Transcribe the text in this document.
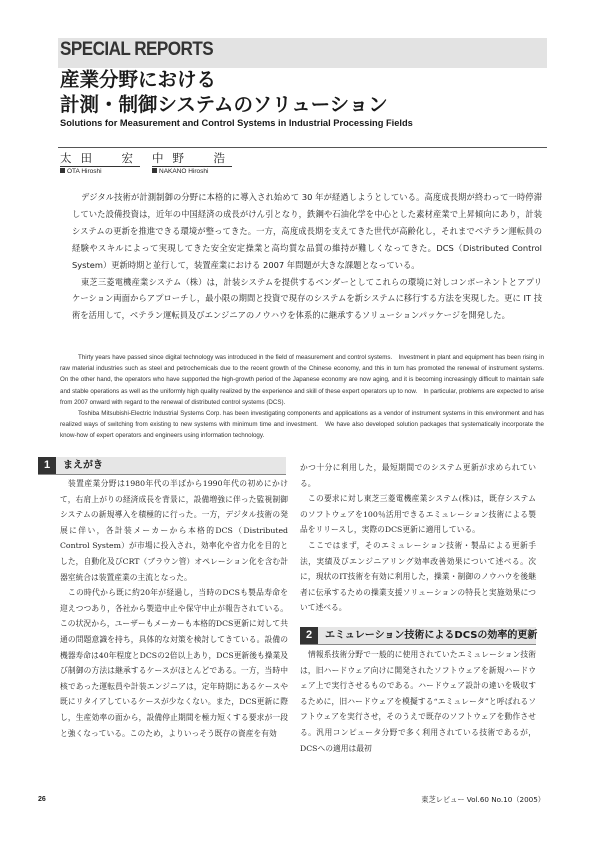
SPECIAL REPORTS
産業分野における
計測・制御システムのソリューション
Solutions for Measurement and Control Systems in Industrial Processing Fields
太田　宏
OTA Hiroshi
中野　浩
NAKANO Hiroshi

デジタル技術が計測制御の分野に本格的に導入され始めて 30 年が経過しようとしている。高度成長期が終わって一時停滞していた設備投資は，近年の中国経済の成長がけん引となり，鉄鋼や石油化学を中心とした素材産業で上昇傾向にあり，計装システムの更新を推進できる環境が整ってきた。一方，高度成長期を支えてきた世代が高齢化し，それまでベテラン運転員の経験やスキルによって実現してきた安全安定操業と高均質な品質の維持が難しくなってきた。DCS（Distributed Control System）更新時期と並行して，装置産業における 2007 年問題が大きな課題となっている。

東芝三菱電機産業システム（株）は，計装システムを提供するベンダーとしてこれらの環境に対しコンポーネントとアプリケーション両面からアプローチし，最小限の期間と投資で現存のシステムを新システムに移行する方法を実現した。更に IT 技術を活用して，ベテラン運転員及びエンジニアのノウハウを体系的に継承するソリューションパッケージを開発した。

Thirty years have passed since digital technology was introduced in the field of measurement and control systems.　Investment in plant and equipment has been rising in raw material industries such as steel and petrochemicals due to the recent growth of the Chinese economy, and this in turn has promoted the renewal of instrument systems.　On the other hand, the operators who have supported the high-growth period of the Japanese economy are now aging, and it is becoming increasingly difficult to maintain safe and stable operations as well as the uniformly high quality realized by the experience and skill of these expert operators up to now.　In particular, problems are expected to arise from 2007 onward with regard to the renewal of distributed control systems (DCS).

Toshiba Mitsubishi-Electric Industrial Systems Corp. has been investigating components and applications as a vendor of instrument systems in this environment and has realized ways of switching from existing to new systems with minimum time and investment.　We have also developed solution packages that systematically incorporate the know-how of expert operators and engineers using information technology.

1	まえがき

装置産業分野は1980年代の半ばから1990年代の初めにかけて，右肩上がりの経済成長を背景に，設備増強に伴った監視制御システムの新規導入を積極的に行った。一方，デジタル技術の発展に伴い，各計装メーカーから本格的DCS（Distributed Control System）が市場に投入され，効率化や省力化を目的とした，自動化及びCRT（ブラウン管）オペレーション化を含む計器室統合は装置産業の主流となった。

この時代から既に約20年が経過し，当時のDCSも製品寿命を迎えつつあり，各社から製造中止や保守中止が報告されている。この状況から，ユーザーもメーカーも本格的DCS更新に対して共通の問題意識を持ち，具体的な対策を検討してきている。設備の機器寿命は40年程度とDCSの2倍以上あり，DCS更新後も操業及び制御の方法は継承するケースがほとんどである。一方，当時中核であった運転員や計装エンジニアは，定年時期にあるケースや既にリタイアしているケースが少なくない。また，DCS更新に際し，生産効率の面から，設備停止期間を極力短くする要求が一段と強くなっている。このため，よりいっそう既存の資産を有効

かつ十分に利用した，最短期間でのシステム更新が求められている。

この要求に対し東芝三菱電機産業システム(株)は，既存システムのソフトウェアを100％活用できるエミュレーション技術による製品をリリースし，実際のDCS更新に適用している。

ここではまず，そのエミュレーション技術・製品による更新手法，実績及びエンジニアリング効率改善効果について述べる。次に，現状のIT技術を有効に利用した，操業・制御のノウハウを後継者に伝承するための操業支援ソリューションの特長と実施効果について述べる。

2	エミュレーション技術によるDCSの効率的更新

情報系技術分野で一般的に使用されていたエミュレーション技術は，旧ハードウェア向けに開発されたソフトウェアを新規ハードウェア上で実行させるものである。ハードウェア設計の違いを吸収するために，旧ハードウェアを模擬する“エミュレータ”と呼ばれるソフトウェアを実行させ，そのうえで既存のソフトウェアを動作させる。汎用コンピュータ分野で多く利用されている技術であるが，DCSへの適用は最初

26	東芝レビュー Vol.60 No.10（2005）
